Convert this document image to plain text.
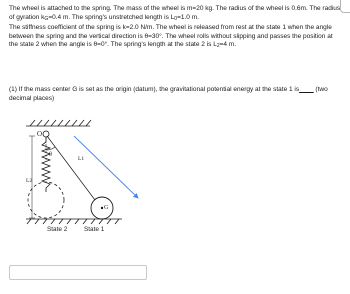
The wheel is attached to the spring. The mass of the wheel is m=20 kg. The radius of the wheel is 0.6m. The radius of gyration $k_G=0.4$ m. The spring's unstretched length is $L_0=1.0$ m.

The stiffness coefficient of the spring is k=2.0 N/m. The wheel is released from rest at the state 1 when the angle between the spring and the vertical direction is θ=30°. The wheel rolls without slipping and passes the position at the state 2 when the angle is θ=0°. The spring's length at the state 2 is $L_2=4$ m.

(1) If the mass center G is set as the origin (datum), the gravitational potential energy at the state 1 is____ (two decimal places)

O
θ
L2
L1
G
State 2	State 1
